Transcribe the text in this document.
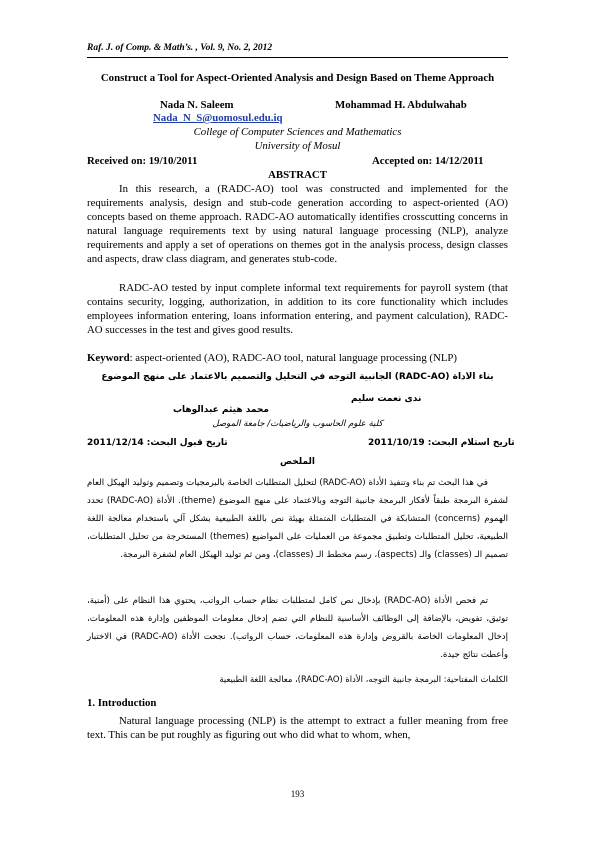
Raf. J. of Comp. & Math’s. , Vol. 9, No. 2, 2012
Construct a Tool for Aspect-Oriented Analysis and Design Based on Theme Approach
Nada N. Saleem	Mohammad H. Abdulwahab
Nada_N_S@uomosul.edu.iq
College of Computer Sciences and Mathematics
University of Mosul
Received on: 19/10/2011	Accepted on: 14/12/2011
ABSTRACT
In this research, a (RADC-AO) tool was constructed and implemented for the requirements analysis, design and stub-code generation according to aspect-oriented (AO) concepts based on theme approach. RADC-AO automatically identifies crosscutting concerns in natural language requirements text by using natural language processing (NLP), analyze requirements and apply a set of operations on themes got in the analysis process, design classes and aspects, draw class diagram, and generates stub-code.
RADC-AO tested by input complete informal text requirements for payroll system (that contains security, logging, authorization, in addition to its core functionality which includes employees information entering, loans information entering, and payment calculation), RADC-AO successes in the test and gives good results.
Keyword: aspect-oriented (AO), RADC-AO tool, natural language processing (NLP)
بناء الأداة (RADC-AO) الجانبية التوجه في التحليل والتصميم بالاعتماد على منهج الموضوع
ندى نعمت سليم
محمد هيثم عبدالوهاب
كلية علوم الحاسوب والرياضيات/ جامعة الموصل
تاريخ استلام البحث: 2011/10/19
تاريخ قبول البحث: 2011/12/14
الملخص
في هذا البحث تم بناء وتنفيذ الأداة (RADC-AO) لتحليل المتطلبات الخاصة بالبرمجيات وتصميم وتوليد الهيكل العام لشفرة البرمجة طبقاً لأفكار البرمجة جانبية التوجه وبالاعتماد على منهج الموضوع (theme). الأداة (RADC-AO) تحدد الهموم (concerns) المتشابكة في المتطلبات المتمثلة بهيئة نص باللغة الطبيعية بشكل آلي باستخدام معالجة اللغة الطبيعية، تحليل المتطلبات وتطبيق مجموعة من العمليات على المواضيع (themes) المستخرجة من تحليل المتطلبات، تصميم الـ (classes) والـ (aspects)، رسم مخطط الـ (classes)، ومن ثم توليد الهيكل العام لشفرة البرمجة.
تم فحص الأداة (RADC-AO) بإدخال نص كامل لمتطلبات نظام حساب الرواتب، يحتوي هذا النظام على (أمنية، توثيق، تفويض، بالإضافة إلى الوظائف الأساسية للنظام التي تضم إدخال معلومات الموظفين وإدارة هذه المعلومات، إدخال المعلومات الخاصة بالقروض وإدارة هذه المعلومات، حساب الرواتب). نجحت الأداة (RADC-AO) في الاختبار وأعطت نتائج جيدة.
الكلمات المفتاحية: البرمجة جانبية التوجه، الأداة (RADC-AO)، معالجة اللغة الطبيعية
1. Introduction
Natural language processing (NLP) is the attempt to extract a fuller meaning from free text. This can be put roughly as figuring out who did what to whom, when,
193
